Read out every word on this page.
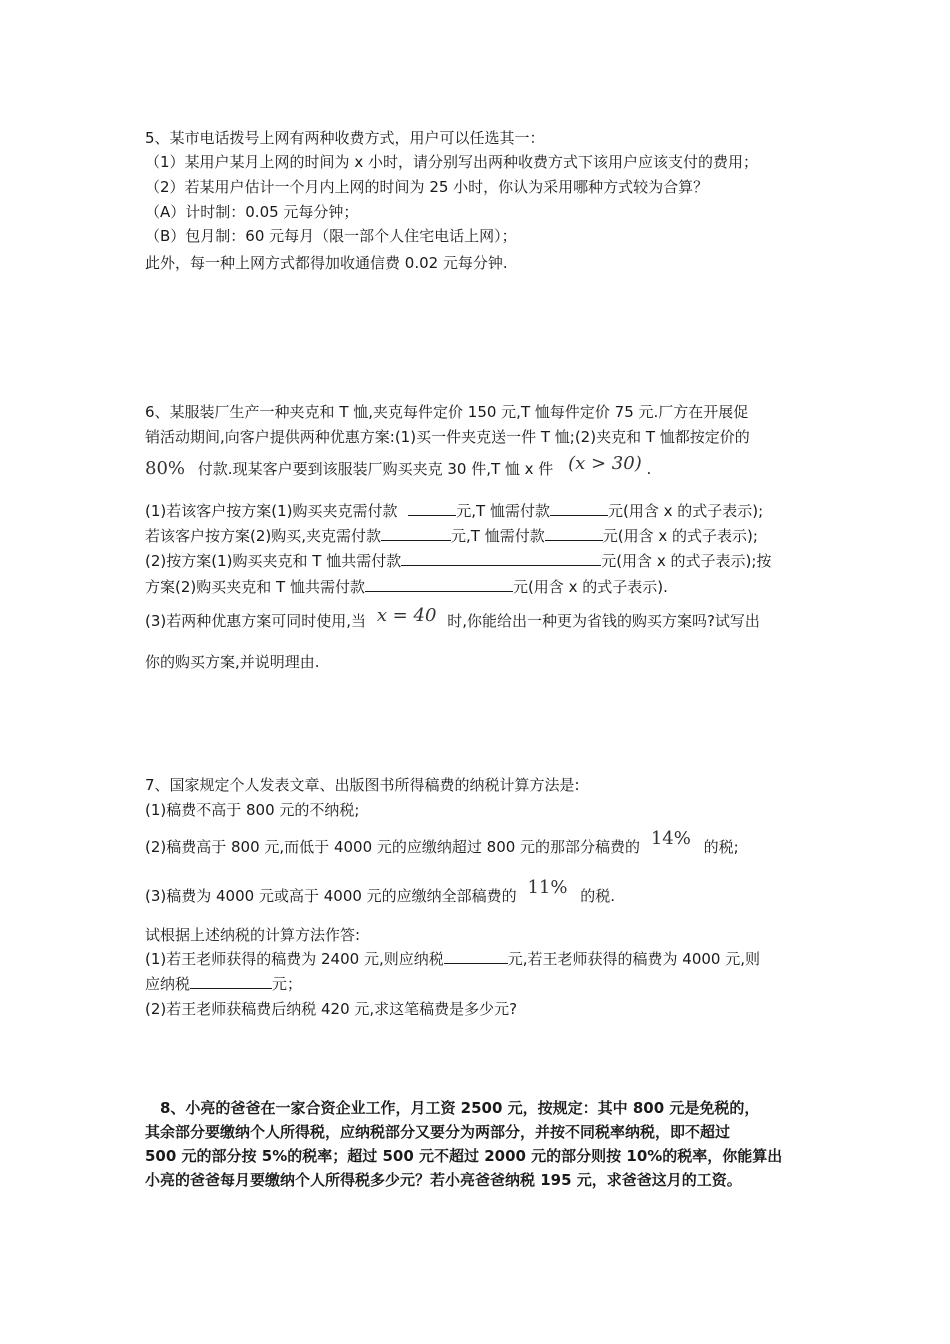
5、某市电话拨号上网有两种收费方式，用户可以任选其一：
（1）某用户某月上网的时间为 x 小时，请分别写出两种收费方式下该用户应该支付的费用；
（2）若某用户估计一个月内上网的时间为 25 小时，你认为采用哪种方式较为合算？
（A）计时制：0.05 元每分钟；
（B）包月制：60 元每月（限一部个人住宅电话上网）；
此外，每一种上网方式都得加收通信费 0.02 元每分钟.
6、某服装厂生产一种夹克和 T 恤,夹克每件定价 150 元,T 恤每件定价 75 元.厂方在开展促
销活动期间,向客户提供两种优惠方案:(1)买一件夹克送一件 T 恤;(2)夹克和 T 恤都按定价的
80% 付款.现某客户要到该服装厂购买夹克 30 件,T 恤 x 件 (x > 30) .
(1)若该客户按方案(1)购买夹克需付款	元,T 恤需付款	元(用含 x 的式子表示);
若该客户按方案(2)购买,夹克需付款	元,T 恤需付款	元(用含 x 的式子表示);
(2)按方案(1)购买夹克和 T 恤共需付款	元(用含 x 的式子表示);按
方案(2)购买夹克和 T 恤共需付款	元(用含 x 的式子表示).
(3)若两种优惠方案可同时使用,当 x = 40 时,你能给出一种更为省钱的购买方案吗?试写出
你的购买方案,并说明理由.
7、国家规定个人发表文章、出版图书所得稿费的纳税计算方法是:
(1)稿费不高于 800 元的不纳税;
(2)稿费高于 800 元,而低于 4000 元的应缴纳超过 800 元的那部分稿费的 14% 的税;
(3)稿费为 4000 元或高于 4000 元的应缴纳全部稿费的 11% 的税.
试根据上述纳税的计算方法作答:
(1)若王老师获得的稿费为 2400 元,则应纳税	元,若王老师获得的稿费为 4000 元,则
应纳税	元；
(2)若王老师获稿费后纳税 420 元,求这笔稿费是多少元?
8、小亮的爸爸在一家合资企业工作，月工资 2500 元，按规定：其中 800 元是免税的，
其余部分要缴纳个人所得税，应纳税部分又要分为两部分，并按不同税率纳税，即不超过
500 元的部分按 5%的税率；超过 500 元不超过 2000 元的部分则按 10%的税率，你能算出
小亮的爸爸每月要缴纳个人所得税多少元？若小亮爸爸纳税 195 元，求爸爸这月的工资。
